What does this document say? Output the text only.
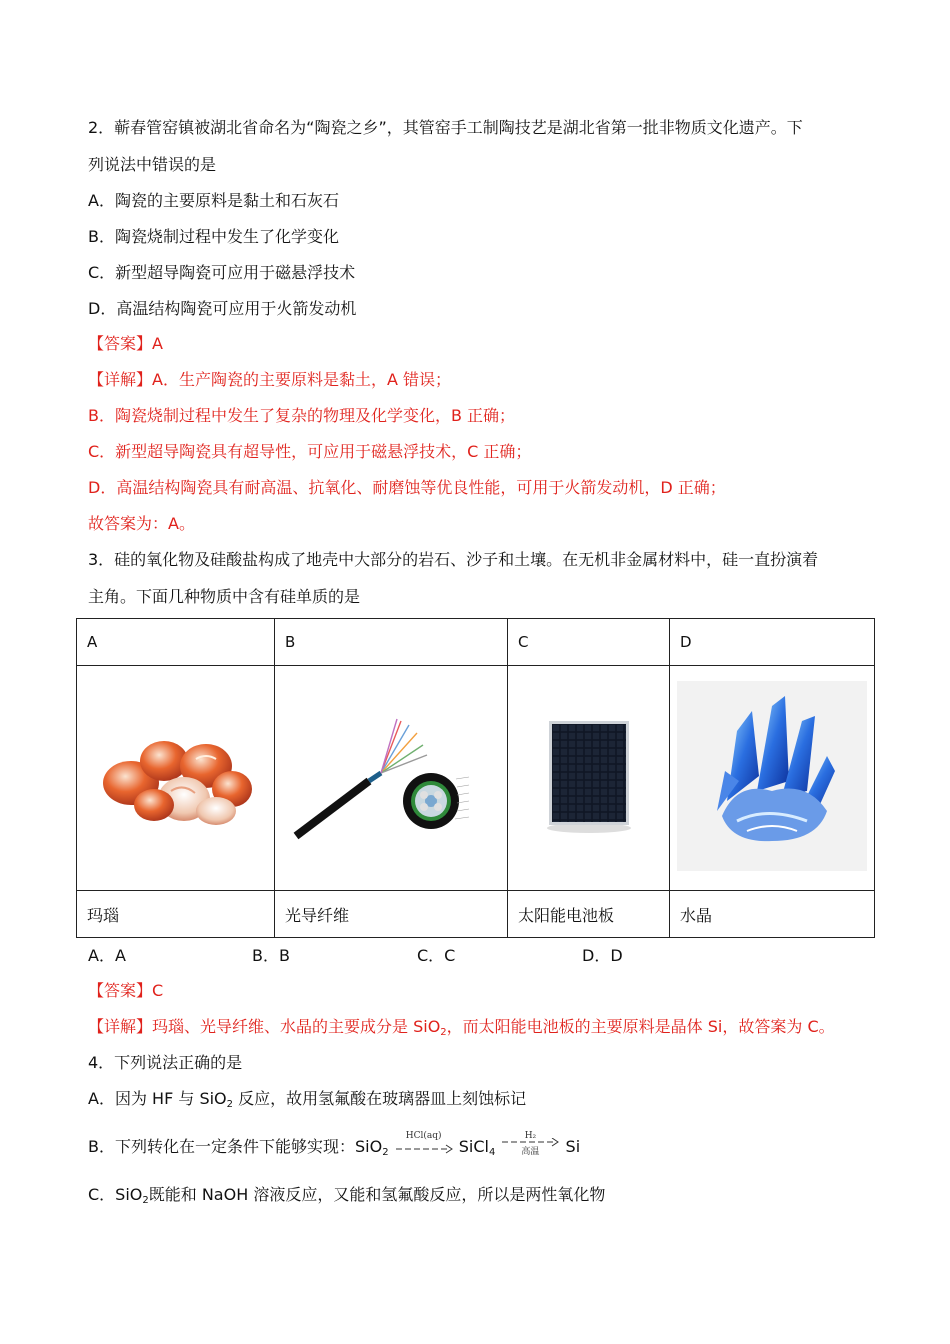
2．蕲春管窑镇被湖北省命名为“陶瓷之乡”，其管窑手工制陶技艺是湖北省第一批非物质文化遗产。下
列说法中错误的是
A．陶瓷的主要原料是黏土和石灰石
B．陶瓷烧制过程中发生了化学变化
C．新型超导陶瓷可应用于磁悬浮技术
D．高温结构陶瓷可应用于火箭发动机
【答案】A
【详解】A．生产陶瓷的主要原料是黏土，A 错误；
B．陶瓷烧制过程中发生了复杂的物理及化学变化，B 正确；
C．新型超导陶瓷具有超导性，可应用于磁悬浮技术，C 正确；
D．高温结构陶瓷具有耐高温、抗氧化、耐磨蚀等优良性能，可用于火箭发动机，D 正确；
故答案为：A。
3．硅的氧化物及硅酸盐构成了地壳中大部分的岩石、沙子和土壤。在无机非金属材料中，硅一直扮演着
主角。下面几种物质中含有硅单质的是
A	B	C	D

玛瑙	光导纤维	太阳能电池板	水晶
A．A	B．B	C．C	D．D
【答案】C
【详解】玛瑙、光导纤维、水晶的主要成分是 SiO$_2$，而太阳能电池板的主要原料是晶体 Si，故答案为 C。
4．下列说法正确的是
A．因为 HF 与 SiO$_2$ 反应，故用氢氟酸在玻璃器皿上刻蚀标记
B．下列转化在一定条件下能够实现：SiO$_2$
HCl(aq)
SiCl$_4$
H₂
高温	Si
C．SiO$_2$既能和 NaOH 溶液反应，又能和氢氟酸反应，所以是两性氧化物
